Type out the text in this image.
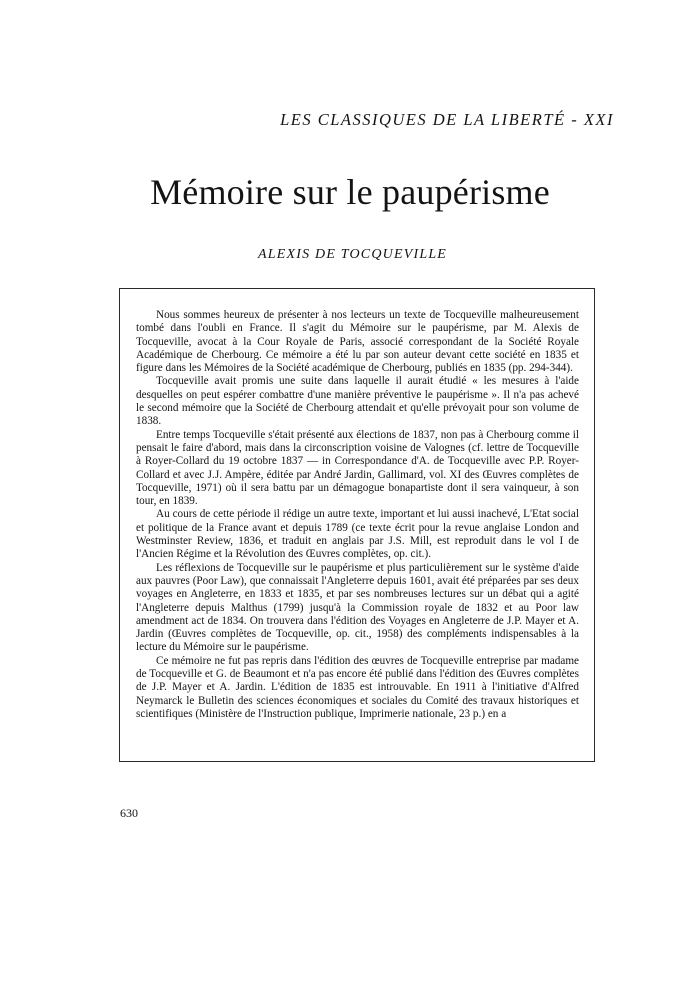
LES CLASSIQUES DE LA LIBERTÉ - XXI
Mémoire sur le paupérisme
ALEXIS DE TOCQUEVILLE

Nous sommes heureux de présenter à nos lecteurs un texte de Tocqueville malheureusement tombé dans l'oubli en France. Il s'agit du Mémoire sur le paupérisme, par M. Alexis de Tocqueville, avocat à la Cour Royale de Paris, associé correspondant de la Société Royale Académique de Cherbourg. Ce mémoire a été lu par son auteur devant cette société en 1835 et figure dans les Mémoires de la Société académique de Cherbourg, publiés en 1835 (pp. 294-344).

Tocqueville avait promis une suite dans laquelle il aurait étudié « les mesures à l'aide desquelles on peut espérer combattre d'une manière préventive le paupérisme ». Il n'a pas achevé le second mémoire que la Société de Cherbourg attendait et qu'elle prévoyait pour son volume de 1838.

Entre temps Tocqueville s'était présenté aux élections de 1837, non pas à Cherbourg comme il pensait le faire d'abord, mais dans la circonscription voisine de Valognes (cf. lettre de Tocqueville à Royer-Collard du 19 octobre 1837 — in Correspondance d'A. de Tocqueville avec P.P. Royer-Collard et avec J.J. Ampère, éditée par André Jardin, Gallimard, vol. XI des Œuvres complètes de Tocqueville, 1971) où il sera battu par un démagogue bonapartiste dont il sera vainqueur, à son tour, en 1839.

Au cours de cette période il rédige un autre texte, important et lui aussi inachevé, L'Etat social et politique de la France avant et depuis 1789 (ce texte écrit pour la revue anglaise London and Westminster Review, 1836, et traduit en anglais par J.S. Mill, est reproduit dans le vol I de l'Ancien Régime et la Révolution des Œuvres complètes, op. cit.).

Les réflexions de Tocqueville sur le paupérisme et plus particulièrement sur le système d'aide aux pauvres (Poor Law), que connaissait l'Angleterre depuis 1601, avait été préparées par ses deux voyages en Angleterre, en 1833 et 1835, et par ses nombreuses lectures sur un débat qui a agité l'Angleterre depuis Malthus (1799) jusqu'à la Commission royale de 1832 et au Poor law amendment act de 1834. On trouvera dans l'édition des Voyages en Angleterre de J.P. Mayer et A. Jardin (Œuvres complètes de Tocqueville, op. cit., 1958) des compléments indispensables à la lecture du Mémoire sur le paupérisme.

Ce mémoire ne fut pas repris dans l'édition des œuvres de Tocqueville entreprise par madame de Tocqueville et G. de Beaumont et n'a pas encore été publié dans l'édition des Œuvres complètes de J.P. Mayer et A. Jardin. L'édition de 1835 est introuvable. En 1911 à l'initiative d'Alfred Neymarck le Bulletin des sciences économiques et sociales du Comité des travaux historiques et scientifiques (Ministère de l'Instruction publique, Imprimerie nationale, 23 p.) en a

630
